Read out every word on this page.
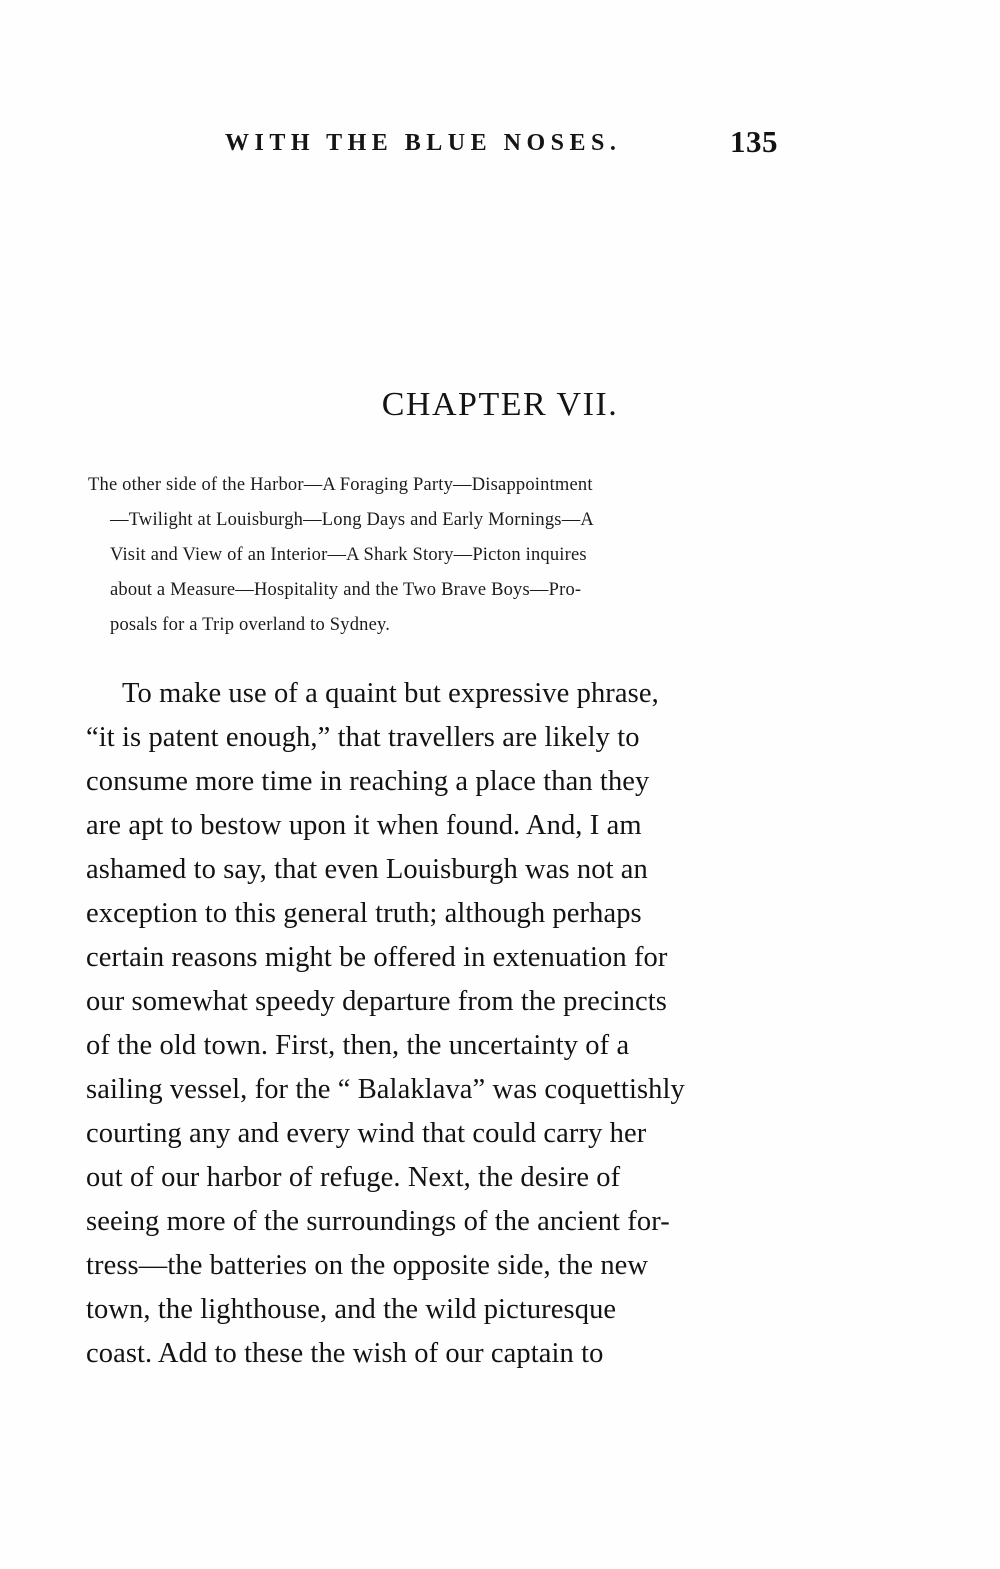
WITH THE BLUE NOSES.	135
CHAPTER VII.
The other side of the Harbor—A Foraging Party—Disappointment
—Twilight at Louisburgh—Long Days and Early Mornings—A
Visit and View of an Interior—A Shark Story—Picton inquires
about a Measure—Hospitality and the Two Brave Boys—Pro-
posals for a Trip overland to Sydney.
To make use of a quaint but expressive phrase,
“it is patent enough,” that travellers are likely to
consume more time in reaching a place than they
are apt to bestow upon it when found. And, I am
ashamed to say, that even Louisburgh was not an
exception to this general truth; although perhaps
certain reasons might be offered in extenuation for
our somewhat speedy departure from the precincts
of the old town. First, then, the uncertainty of a
sailing vessel, for the “ Balaklava” was coquettishly
courting any and every wind that could carry her
out of our harbor of refuge. Next, the desire of
seeing more of the surroundings of the ancient for-
tress—the batteries on the opposite side, the new
town, the lighthouse, and the wild picturesque
coast. Add to these the wish of our captain to
